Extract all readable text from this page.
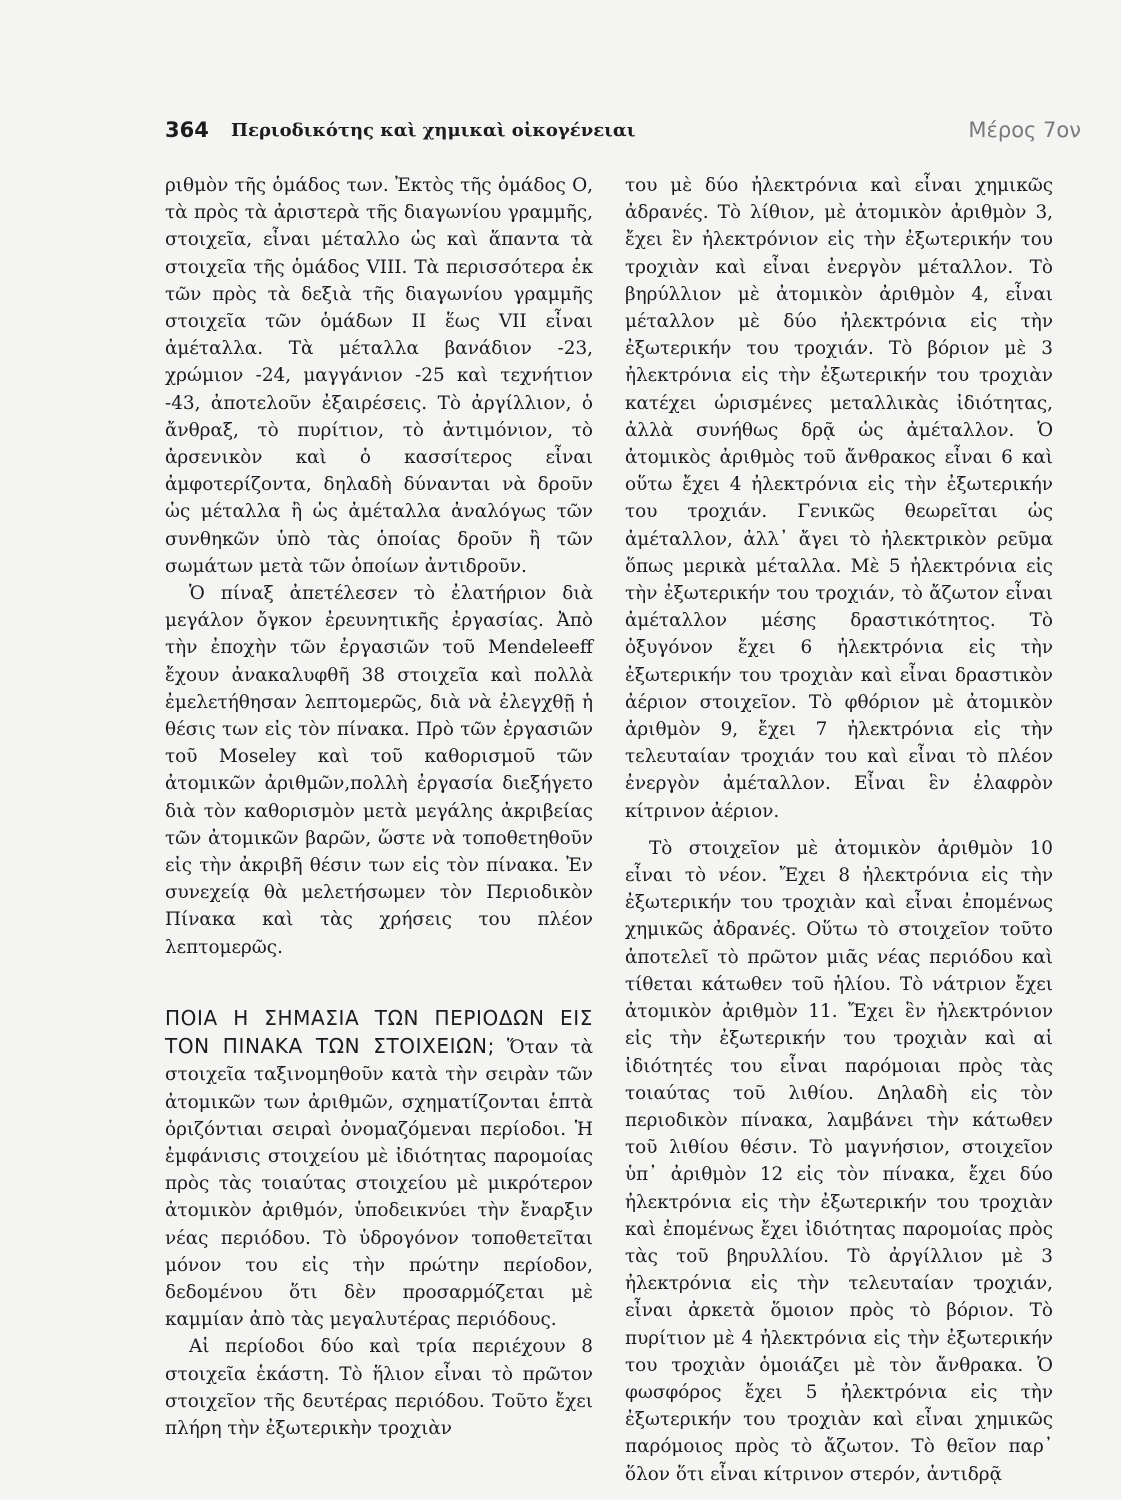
364 Περιοδικότης καὶ χημικαὶ οἰκογένειαι	Μέρος 7ον

ριθμὸν τῆς ὁμάδος των. Ἐκτὸς τῆς ὁμάδος Ο, τὰ πρὸς τὰ ἀριστερὰ τῆς διαγωνίου γραμμῆς, στοιχεῖα, εἶναι μέταλλο ὡς καὶ ἅπαντα τὰ στοιχεῖα τῆς ὁμάδος VIII. Τὰ περισσότερα ἐκ τῶν πρὸς τὰ δεξιὰ τῆς διαγωνίου γραμμῆς στοιχεῖα τῶν ὁμάδων II ἕως VII εἶναι ἀμέταλλα. Τὰ μέταλλα βανάδιον -23, χρώμιον -24, μαγγάνιον -25 καὶ τεχνήτιον -43, ἀποτελοῦν ἐξαιρέσεις. Τὸ ἀργίλλιον, ὁ ἄνθραξ, τὸ πυρίτιον, τὸ ἀντιμόνιον, τὸ ἀρσενικὸν καὶ ὁ κασσίτερος εἶναι ἀμφοτερίζοντα, δηλαδὴ δύνανται νὰ δροῦν ὡς μέταλλα ἢ ὡς ἀμέταλλα ἀναλόγως τῶν συνθηκῶν ὑπὸ τὰς ὁποίας δροῦν ἢ τῶν σωμάτων μετὰ τῶν ὁποίων ἀντιδροῦν.

Ὁ πίναξ ἀπετέλεσεν τὸ ἐλατήριον διὰ μεγάλον ὄγκον ἐρευνητικῆς ἐργασίας. Ἀπὸ τὴν ἐποχὴν τῶν ἐργασιῶν τοῦ Mendeleeff ἔχουν ἀνακαλυφθῆ 38 στοιχεῖα καὶ πολλὰ ἐμελετήθησαν λεπτομερῶς, διὰ νὰ ἐλεγχθῇ ἡ θέσις των εἰς τὸν πίνακα. Πρὸ τῶν ἐργασιῶν τοῦ Moseley καὶ τοῦ καθορισμοῦ τῶν ἀτομικῶν ἀριθμῶν,πολλὴ ἐργασία διεξήγετο διὰ τὸν καθορισμὸν μετὰ μεγάλης ἀκριβείας τῶν ἀτομικῶν βαρῶν, ὥστε νὰ τοποθετηθοῦν εἰς τὴν ἀκριβῆ θέσιν των εἰς τὸν πίνακα. Ἐν συνεχείᾳ θὰ μελετήσωμεν τὸν Περιοδικὸν Πίνακα καὶ τὰς χρήσεις του πλέον λεπτομερῶς.

ΠΟΙΑ Η ΣΗΜΑΣΙΑ ΤΩΝ ΠΕΡΙΟΔΩΝ ΕΙΣ ΤΟΝ ΠΙΝΑΚΑ ΤΩΝ ΣΤΟΙΧΕΙΩΝ; Ὅταν τὰ στοιχεῖα ταξινομηθοῦν κατὰ τὴν σειρὰν τῶν ἀτομικῶν των ἀριθμῶν, σχηματίζονται ἑπτὰ ὁριζόντιαι σειραὶ ὀνομαζόμεναι περίοδοι. Ἡ ἐμφάνισις στοιχείου μὲ ἰδιότητας παρομοίας πρὸς τὰς τοιαύτας στοιχείου μὲ μικρότερον ἀτομικὸν ἀριθμόν, ὑποδεικνύει τὴν ἔναρξιν νέας περιόδου. Τὸ ὑδρογόνον τοποθετεῖται μόνον του εἰς τὴν πρώτην περίοδον, δεδομένου ὅτι δὲν προσαρμόζεται μὲ καμμίαν ἀπὸ τὰς μεγαλυτέρας περιόδους.

Αἱ περίοδοι δύο καὶ τρία περιέχουν 8 στοιχεῖα ἑκάστη. Τὸ ἥλιον εἶναι τὸ πρῶτον στοιχεῖον τῆς δευτέρας περιόδου. Τοῦτο ἔχει πλήρη τὴν ἐξωτερικὴν τροχιὰν

του μὲ δύο ἠλεκτρόνια καὶ εἶναι χημικῶς ἀδρανές. Τὸ λίθιον, μὲ ἀτομικὸν ἀριθμὸν 3, ἔχει ἓν ἠλεκτρόνιον εἰς τὴν ἐξωτερικήν του τροχιὰν καὶ εἶναι ἐνεργὸν μέταλλον. Τὸ βηρύλλιον μὲ ἀτομικὸν ἀριθμὸν 4, εἶναι μέταλλον μὲ δύο ἠλεκτρόνια εἰς τὴν ἐξωτερικήν του τροχιάν. Τὸ βόριον μὲ 3 ἠλεκτρόνια εἰς τὴν ἐξωτερικήν του τροχιὰν κατέχει ὡρισμένες μεταλλικὰς ἰδιότητας, ἀλλὰ συνήθως δρᾷ ὡς ἀμέταλλον. Ὁ ἀτομικὸς ἀριθμὸς τοῦ ἄνθρακος εἶναι 6 καὶ οὕτω ἔχει 4 ἠλεκτρόνια εἰς τὴν ἐξωτερικήν του τροχιάν. Γενικῶς θεωρεῖται ὡς ἀμέταλλον, ἀλλ᾽ ἄγει τὸ ἠλεκτρικὸν ρεῦμα ὅπως μερικὰ μέταλλα. Μὲ 5 ἠλεκτρόνια εἰς τὴν ἐξωτερικήν του τροχιάν, τὸ ἄζωτον εἶναι ἀμέταλλον μέσης δραστικότητος. Τὸ ὀξυγόνον ἔχει 6 ἠλεκτρόνια εἰς τὴν ἐξωτερικήν του τροχιὰν καὶ εἶναι δραστικὸν ἀέριον στοιχεῖον. Τὸ φθόριον μὲ ἀτομικὸν ἀριθμὸν 9, ἔχει 7 ἠλεκτρόνια εἰς τὴν τελευταίαν τροχιάν του καὶ εἶναι τὸ πλέον ἐνεργὸν ἀμέταλλον. Εἶναι ἓν ἐλαφρὸν κίτρινον ἀέριον.

Τὸ στοιχεῖον μὲ ἀτομικὸν ἀριθμὸν 10 εἶναι τὸ νέον. Ἔχει 8 ἠλεκτρόνια εἰς τὴν ἐξωτερικήν του τροχιὰν καὶ εἶναι ἐπομένως χημικῶς ἀδρανές. Οὕτω τὸ στοιχεῖον τοῦτο ἀποτελεῖ τὸ πρῶτον μιᾶς νέας περιόδου καὶ τίθεται κάτωθεν τοῦ ἡλίου. Τὸ νάτριον ἔχει ἀτομικὸν ἀριθμὸν 11. Ἔχει ἓν ἠλεκτρόνιον εἰς τὴν ἐξωτερικήν του τροχιὰν καὶ αἱ ἰδιότητές του εἶναι παρόμοιαι πρὸς τὰς τοιαύτας τοῦ λιθίου. Δηλαδὴ εἰς τὸν περιοδικὸν πίνακα, λαμβάνει τὴν κάτωθεν τοῦ λιθίου θέσιν. Τὸ μαγνήσιον, στοιχεῖον ὑπ᾽ ἀριθμὸν 12 εἰς τὸν πίνακα, ἔχει δύο ἠλεκτρόνια εἰς τὴν ἐξωτερικήν του τροχιὰν καὶ ἐπομένως ἔχει ἰδιότητας παρομοίας πρὸς τὰς τοῦ βηρυλλίου. Τὸ ἀργίλλιον μὲ 3 ἠλεκτρόνια εἰς τὴν τελευταίαν τροχιάν, εἶναι ἀρκετὰ ὅμοιον πρὸς τὸ βόριον. Τὸ πυρίτιον μὲ 4 ἠλεκτρόνια εἰς τὴν ἐξωτερικήν του τροχιὰν ὁμοιάζει μὲ τὸν ἄνθρακα. Ὁ φωσφόρος ἔχει 5 ἠλεκτρόνια εἰς τὴν ἐξωτερικήν του τροχιὰν καὶ εἶναι χημικῶς παρόμοιος πρὸς τὸ ἄζωτον. Τὸ θεῖον παρ᾽ ὅλον ὅτι εἶναι κίτρινον στερόν, ἀντιδρᾷ
